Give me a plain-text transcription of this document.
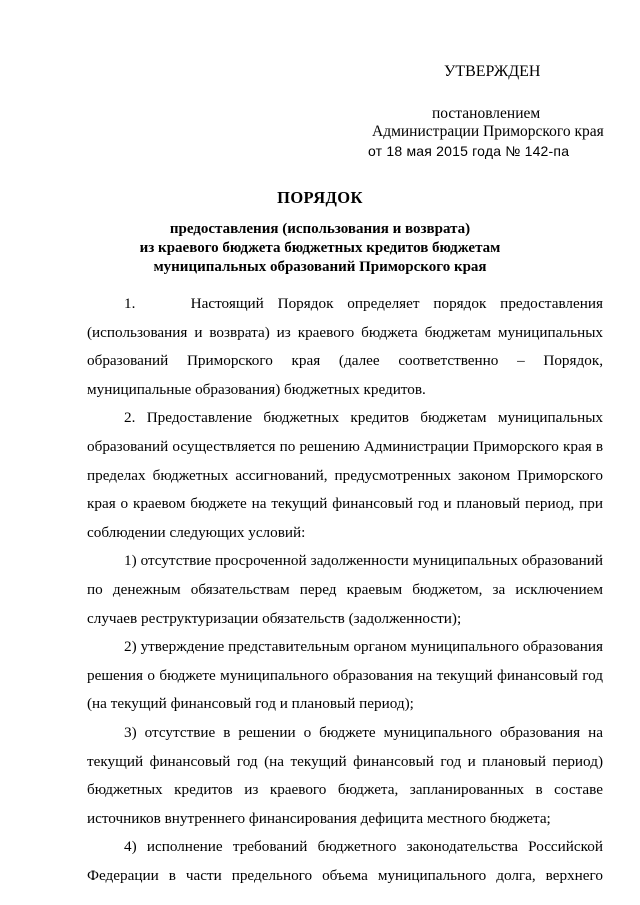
УТВЕРЖДЕН
постановлением
Администрации Приморского края
от 18 мая 2015 года № 142-па
ПОРЯДОК
предоставления (использования и возврата)
из краевого бюджета бюджетных кредитов бюджетам
муниципальных образований Приморского края

1.    Настоящий Порядок определяет порядок предоставления (использования и возврата) из краевого бюджета бюджетам муниципальных образований Приморского края (далее соответственно – Порядок, муниципальные образования) бюджетных кредитов.

2. Предоставление бюджетных кредитов бюджетам муниципальных образований осуществляется по решению Администрации Приморского края в пределах бюджетных ассигнований, предусмотренных законом Приморского края о краевом бюджете на текущий финансовый год и плановый период, при соблюдении следующих условий:

1) отсутствие просроченной задолженности муниципальных образований по денежным обязательствам перед краевым бюджетом, за исключением случаев реструктуризации обязательств (задолженности);

2) утверждение представительным органом муниципального образования решения о бюджете муниципального образования на текущий финансовый год (на текущий финансовый год и плановый период);

3) отсутствие в решении о бюджете муниципального образования на текущий финансовый год (на текущий финансовый год и плановый период) бюджетных кредитов из краевого бюджета, запланированных в составе источников внутреннего финансирования дефицита местного бюджета;

4) исполнение требований бюджетного законодательства Российской Федерации в части предельного объема муниципального долга, верхнего
